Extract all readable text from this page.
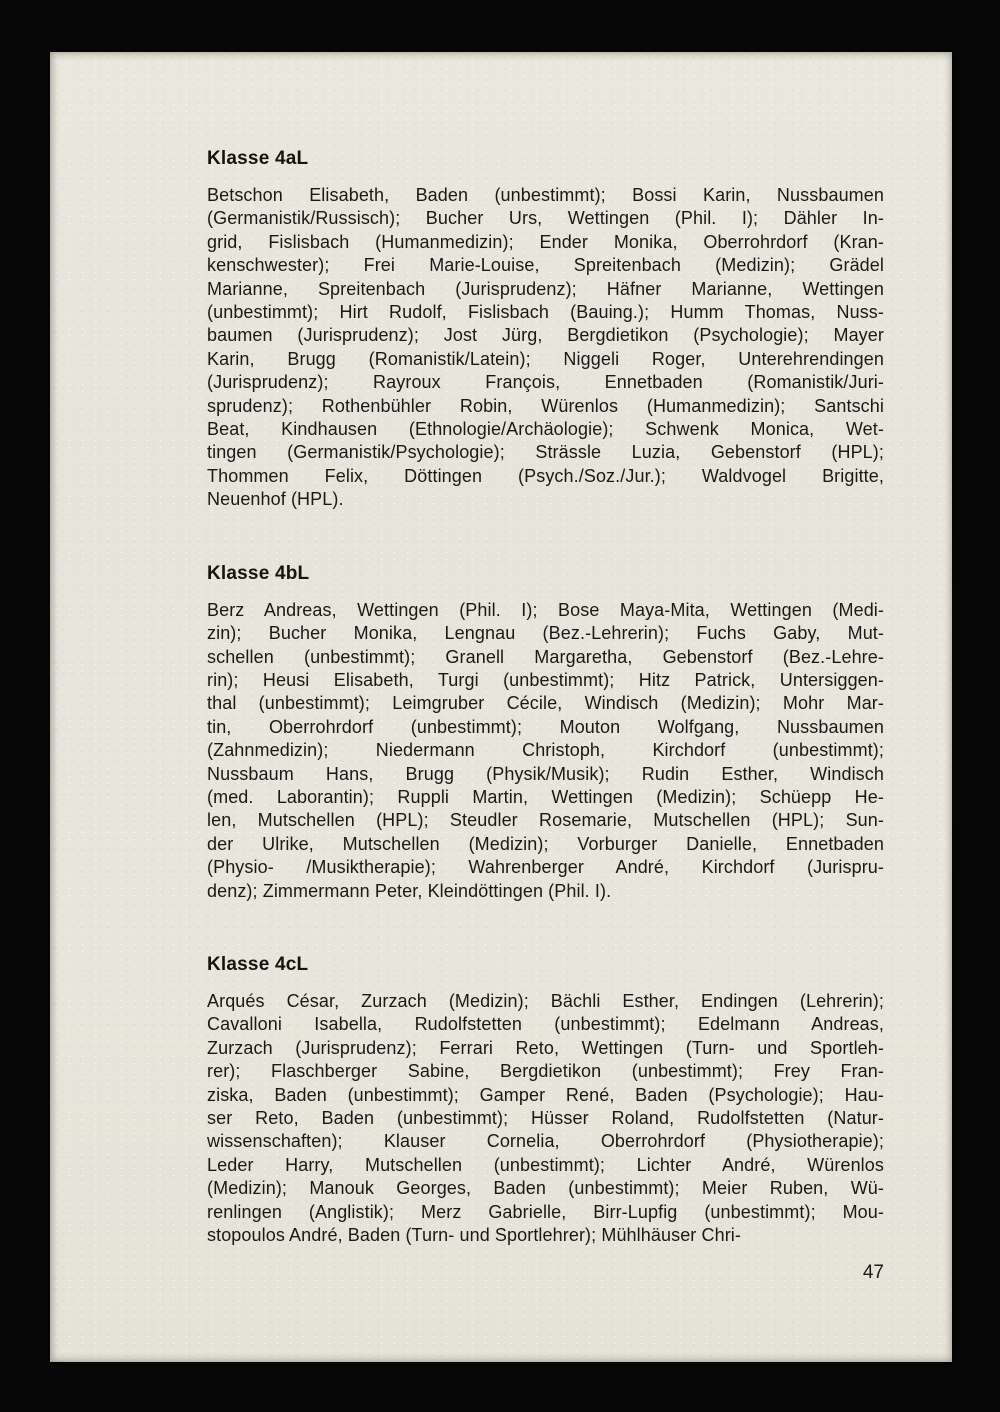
Klasse 4aL
Betschon Elisabeth, Baden (unbestimmt); Bossi Karin, Nussbaumen
(Germanistik/Russisch); Bucher Urs, Wettingen (Phil. I); Dähler In-
grid, Fislisbach (Humanmedizin); Ender Monika, Oberrohrdorf (Kran-
kenschwester); Frei Marie-Louise, Spreitenbach (Medizin); Grädel
Marianne, Spreitenbach (Jurisprudenz); Häfner Marianne, Wettingen
(unbestimmt); Hirt Rudolf, Fislisbach (Bauing.); Humm Thomas, Nuss-
baumen (Jurisprudenz); Jost Jürg, Bergdietikon (Psychologie); Mayer
Karin, Brugg (Romanistik/Latein); Niggeli Roger, Unterehrendingen
(Jurisprudenz); Rayroux François, Ennetbaden (Romanistik/Juri-
sprudenz); Rothenbühler Robin, Würenlos (Humanmedizin); Santschi
Beat, Kindhausen (Ethnologie/Archäologie); Schwenk Monica, Wet-
tingen (Germanistik/Psychologie); Strässle Luzia, Gebenstorf (HPL);
Thommen Felix, Döttingen (Psych./Soz./Jur.); Waldvogel Brigitte,
Neuenhof (HPL).
Klasse 4bL
Berz Andreas, Wettingen (Phil. I); Bose Maya-Mita, Wettingen (Medi-
zin); Bucher Monika, Lengnau (Bez.-Lehrerin); Fuchs Gaby, Mut-
schellen (unbestimmt); Granell Margaretha, Gebenstorf (Bez.-Lehre-
rin); Heusi Elisabeth, Turgi (unbestimmt); Hitz Patrick, Untersiggen-
thal (unbestimmt); Leimgruber Cécile, Windisch (Medizin); Mohr Mar-
tin, Oberrohrdorf (unbestimmt); Mouton Wolfgang, Nussbaumen
(Zahnmedizin); Niedermann Christoph, Kirchdorf (unbestimmt);
Nussbaum Hans, Brugg (Physik/Musik); Rudin Esther, Windisch
(med. Laborantin); Ruppli Martin, Wettingen (Medizin); Schüepp He-
len, Mutschellen (HPL); Steudler Rosemarie, Mutschellen (HPL); Sun-
der Ulrike, Mutschellen (Medizin); Vorburger Danielle, Ennetbaden
(Physio- /Musiktherapie); Wahrenberger André, Kirchdorf (Jurispru-
denz); Zimmermann Peter, Kleindöttingen (Phil. I).
Klasse 4cL
Arqués César, Zurzach (Medizin); Bächli Esther, Endingen (Lehrerin);
Cavalloni Isabella, Rudolfstetten (unbestimmt); Edelmann Andreas,
Zurzach (Jurisprudenz); Ferrari Reto, Wettingen (Turn- und Sportleh-
rer); Flaschberger Sabine, Bergdietikon (unbestimmt); Frey Fran-
ziska, Baden (unbestimmt); Gamper René, Baden (Psychologie); Hau-
ser Reto, Baden (unbestimmt); Hüsser Roland, Rudolfstetten (Natur-
wissenschaften); Klauser Cornelia, Oberrohrdorf (Physiotherapie);
Leder Harry, Mutschellen (unbestimmt); Lichter André, Würenlos
(Medizin); Manouk Georges, Baden (unbestimmt); Meier Ruben, Wü-
renlingen (Anglistik); Merz Gabrielle, Birr-Lupfig (unbestimmt); Mou-
stopoulos André, Baden (Turn- und Sportlehrer); Mühlhäuser Chri-
47
